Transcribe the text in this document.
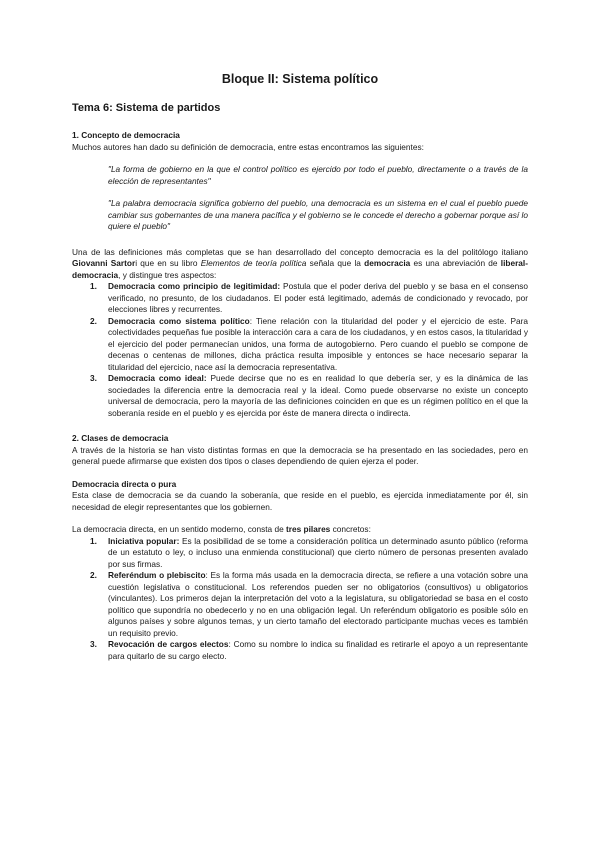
Bloque II: Sistema político
Tema 6: Sistema de partidos
1. Concepto de democracia

Muchos autores han dado su definición de democracia, entre estas encontramos las siguientes:

"La forma de gobierno en la que el control político es ejercido por todo el pueblo, directamente o a través de la elección de representantes"

"La palabra democracia significa gobierno del pueblo, una democracia es un sistema en el cual el pueblo puede cambiar sus gobernantes de una manera pacífica y el gobierno se le concede el derecho a gobernar porque así lo quiere el pueblo"

Una de las definiciones más completas que se han desarrollado del concepto democracia es la del politólogo italiano Giovanni Sartori que en su libro Elementos de teoría política señala que la democracia es una abreviación de liberal-democracia, y distingue tres aspectos:

1. Democracia como principio de legitimidad: Postula que el poder deriva del pueblo y se basa en el consenso verificado, no presunto, de los ciudadanos. El poder está legitimado, además de condicionado y revocado, por elecciones libres y recurrentes.
2. Democracia como sistema político: Tiene relación con la titularidad del poder y el ejercicio de este. Para colectividades pequeñas fue posible la interacción cara a cara de los ciudadanos, y en estos casos, la titularidad y el ejercicio del poder permanecían unidos, una forma de autogobierno. Pero cuando el pueblo se compone de decenas o centenas de millones, dicha práctica resulta imposible y entonces se hace necesario separar la titularidad del ejercicio, nace así la democracia representativa.
3. Democracia como ideal: Puede decirse que no es en realidad lo que debería ser, y es la dinámica de las sociedades la diferencia entre la democracia real y la ideal. Como puede observarse no existe un concepto universal de democracia, pero la mayoría de las definiciones coinciden en que es un régimen político en el que la soberanía reside en el pueblo y es ejercida por éste de manera directa o indirecta.
2. Clases de democracia

A través de la historia se han visto distintas formas en que la democracia se ha presentado en las sociedades, pero en general puede afirmarse que existen dos tipos o clases dependiendo de quien ejerza el poder.

Democracia directa o pura

Esta clase de democracia se da cuando la soberanía, que reside en el pueblo, es ejercida inmediatamente por él, sin necesidad de elegir representantes que los gobiernen.

La democracia directa, en un sentido moderno, consta de tres pilares concretos:

1. Iniciativa popular: Es la posibilidad de se tome a consideración política un determinado asunto público (reforma de un estatuto o ley, o incluso una enmienda constitucional) que cierto número de personas presenten avalado por sus firmas.
2. Referéndum o plebiscito: Es la forma más usada en la democracia directa, se refiere a una votación sobre una cuestión legislativa o constitucional. Los referendos pueden ser no obligatorios (consultivos) u obligatorios (vinculantes). Los primeros dejan la interpretación del voto a la legislatura, su obligatoriedad se basa en el costo político que supondría no obedecerlo y no en una obligación legal. Un referéndum obligatorio es posible sólo en algunos países y sobre algunos temas, y un cierto tamaño del electorado participante muchas veces es también un requisito previo.
3. Revocación de cargos electos: Como su nombre lo indica su finalidad es retirarle el apoyo a un representante para quitarlo de su cargo electo.
